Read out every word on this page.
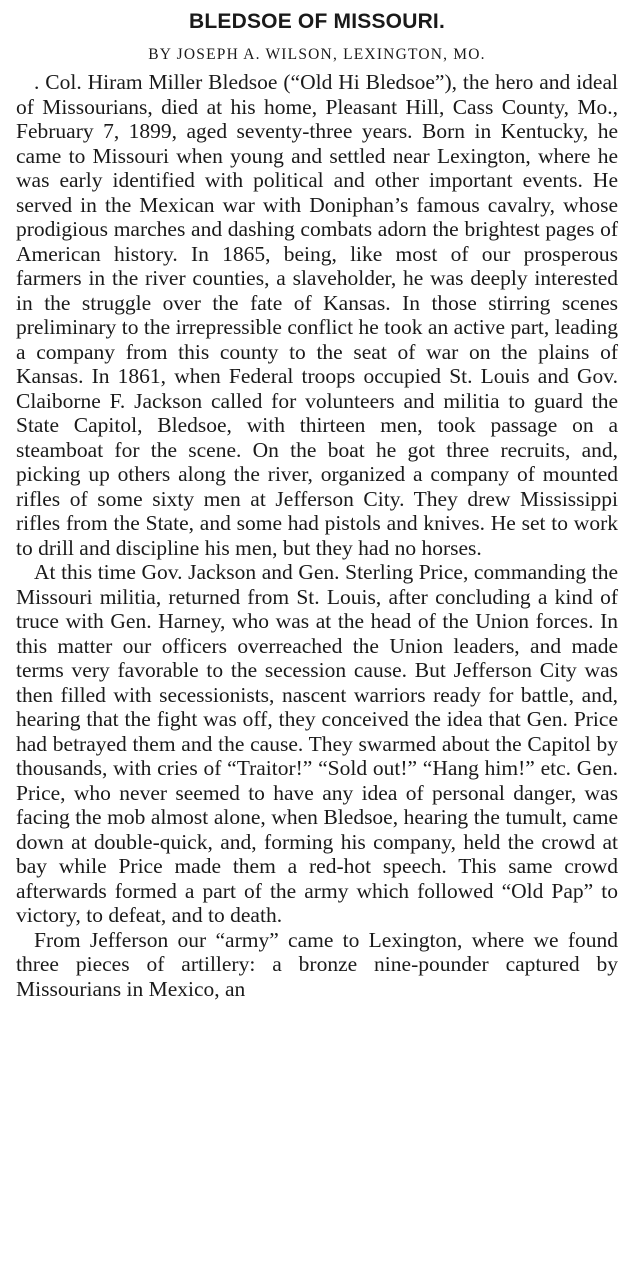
BLEDSOE OF MISSOURI.

BY JOSEPH A. WILSON, LEXINGTON, MO.

. Col. Hiram Miller Bledsoe (“Old Hi Bledsoe”), the hero and ideal of Missourians, died at his home, Pleasant Hill, Cass County, Mo., February 7, 1899, aged seventy-three years. Born in Kentucky, he came to Missouri when young and settled near Lexington, where he was early identified with political and other important events. He served in the Mexican war with Doniphan’s famous cavalry, whose prodigious marches and dashing combats adorn the brightest pages of American history. In 1865, being, like most of our prosperous farmers in the river counties, a slaveholder, he was deeply interested in the struggle over the fate of Kansas. In those stirring scenes preliminary to the irrepressible conflict he took an active part, leading a company from this county to the seat of war on the plains of Kansas. In 1861, when Federal troops occupied St. Louis and Gov. Claiborne F. Jackson called for volunteers and militia to guard the State Capitol, Bledsoe, with thirteen men, took passage on a steamboat for the scene. On the boat he got three recruits, and, picking up others along the river, organized a company of mounted rifles of some sixty men at Jefferson City. They drew Mississippi rifles from the State, and some had pistols and knives. He set to work to drill and discipline his men, but they had no horses.

At this time Gov. Jackson and Gen. Sterling Price, commanding the Missouri militia, returned from St. Louis, after concluding a kind of truce with Gen. Harney, who was at the head of the Union forces. In this matter our officers overreached the Union leaders, and made terms very favorable to the secession cause. But Jefferson City was then filled with secessionists, nascent warriors ready for battle, and, hearing that the fight was off, they conceived the idea that Gen. Price had betrayed them and the cause. They swarmed about the Capitol by thousands, with cries of “Traitor!” “Sold out!” “Hang him!” etc. Gen. Price, who never seemed to have any idea of personal danger, was facing the mob almost alone, when Bledsoe, hearing the tumult, came down at double-quick, and, forming his company, held the crowd at bay while Price made them a red-hot speech. This same crowd afterwards formed a part of the army which followed “Old Pap” to victory, to defeat, and to death.

From Jefferson our “army” came to Lexington, where we found three pieces of artillery: a bronze nine-pounder captured by Missourians in Mexico, an
